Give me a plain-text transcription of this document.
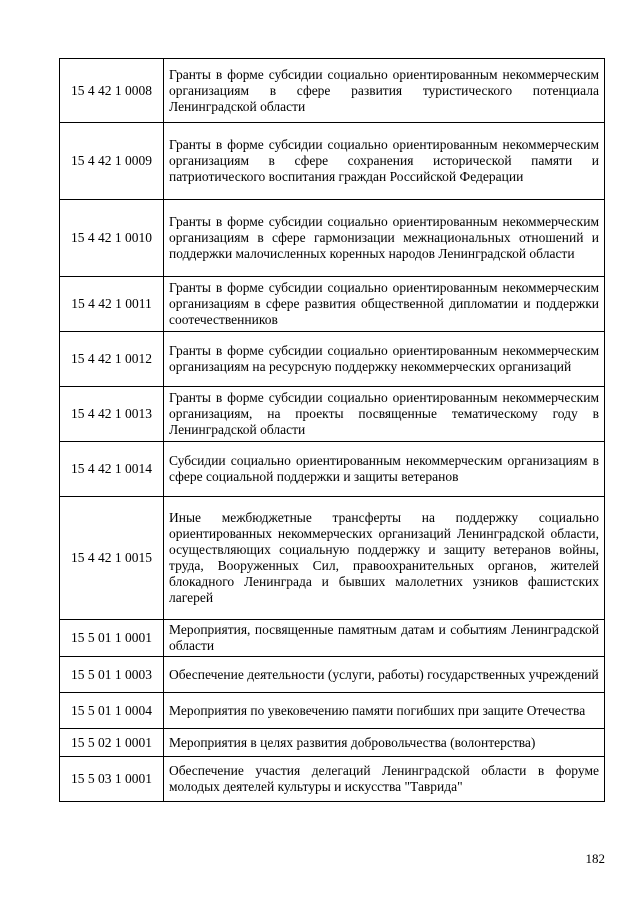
15 4 42 1 0008	Гранты в форме субсидии социально ориентированным некоммерческим организациям в сфере развития туристического потенциала Ленинградской области
15 4 42 1 0009	Гранты в форме субсидии социально ориентированным некоммерческим организациям в сфере сохранения исторической памяти и патриотического воспитания граждан Российской Федерации
15 4 42 1 0010	Гранты в форме субсидии социально ориентированным некоммерческим организациям в сфере гармонизации межнациональных отношений и поддержки малочисленных коренных народов Ленинградской области
15 4 42 1 0011	Гранты в форме субсидии социально ориентированным некоммерческим организациям в сфере развития общественной дипломатии и поддержки соотечественников
15 4 42 1 0012	Гранты в форме субсидии социально ориентированным некоммерческим организациям на ресурсную поддержку некоммерческих организаций
15 4 42 1 0013	Гранты в форме субсидии социально ориентированным некоммерческим организациям, на проекты посвященные тематическому году в Ленинградской области
15 4 42 1 0014	Субсидии социально ориентированным некоммерческим организациям в сфере социальной поддержки и защиты ветеранов
15 4 42 1 0015	Иные межбюджетные трансферты на поддержку социально ориентированных некоммерческих организаций Ленинградской области, осуществляющих социальную поддержку и защиту ветеранов войны, труда, Вооруженных Сил, правоохранительных органов, жителей блокадного Ленинграда и бывших малолетних узников фашистских лагерей
15 5 01 1 0001	Мероприятия, посвященные памятным датам и событиям Ленинградской области
15 5 01 1 0003	Обеспечение деятельности (услуги, работы) государственных учреждений
15 5 01 1 0004	Мероприятия по увековечению памяти погибших при защите Отечества
15 5 02 1 0001	Мероприятия в целях развития добровольчества (волонтерства)
15 5 03 1 0001	Обеспечение участия делегаций Ленинградской области в форуме молодых деятелей культуры и искусства "Таврида"
182
